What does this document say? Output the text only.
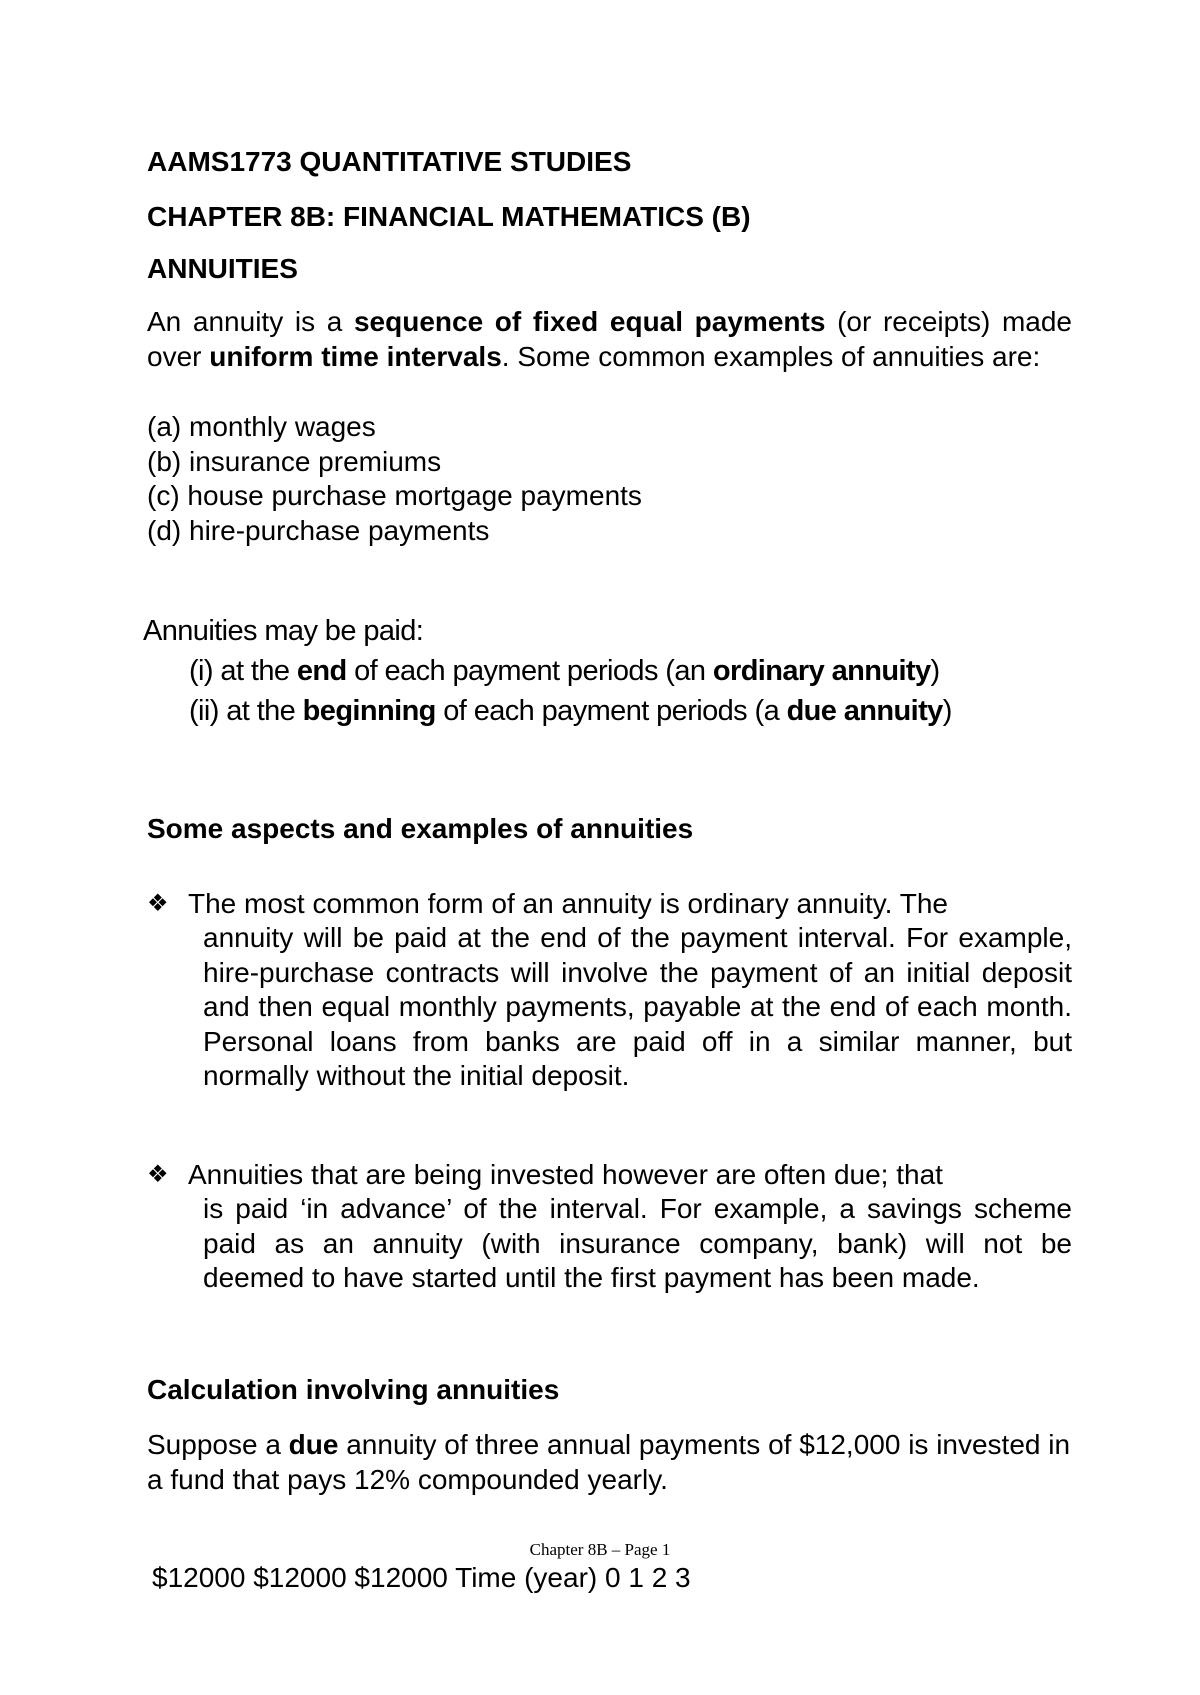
AAMS1773 QUANTITATIVE STUDIES
CHAPTER 8B: FINANCIAL MATHEMATICS (B)
ANNUITIES
An annuity is a sequence of fixed equal payments (or receipts) made over uniform time intervals. Some common examples of annuities are:
(a) monthly wages
(b) insurance premiums
(c) house purchase mortgage payments
(d) hire-purchase payments
Annuities may be paid:
(i) at the end of each payment periods (an ordinary annuity)
(ii) at the beginning of each payment periods (a due annuity)
Some aspects and examples of annuities
❖ The most common form of an annuity is ordinary annuity. The
annuity will be paid at the end of the payment interval. For example, hire-purchase contracts will involve the payment of an initial deposit and then equal monthly payments, payable at the end of each month. Personal loans from banks are paid off in a similar manner, but normally without the initial deposit.
❖ Annuities that are being invested however are often due; that
is paid ‘in advance’ of the interval. For example, a savings scheme paid as an annuity (with insurance company, bank) will not be deemed to have started until the first payment has been made.
Calculation involving annuities
Suppose a due annuity of three annual payments of $12,000 is invested in a fund that pays 12% compounded yearly.
Chapter 8B – Page 1
$12000 $12000 $12000 Time (year) 0 1 2 3
